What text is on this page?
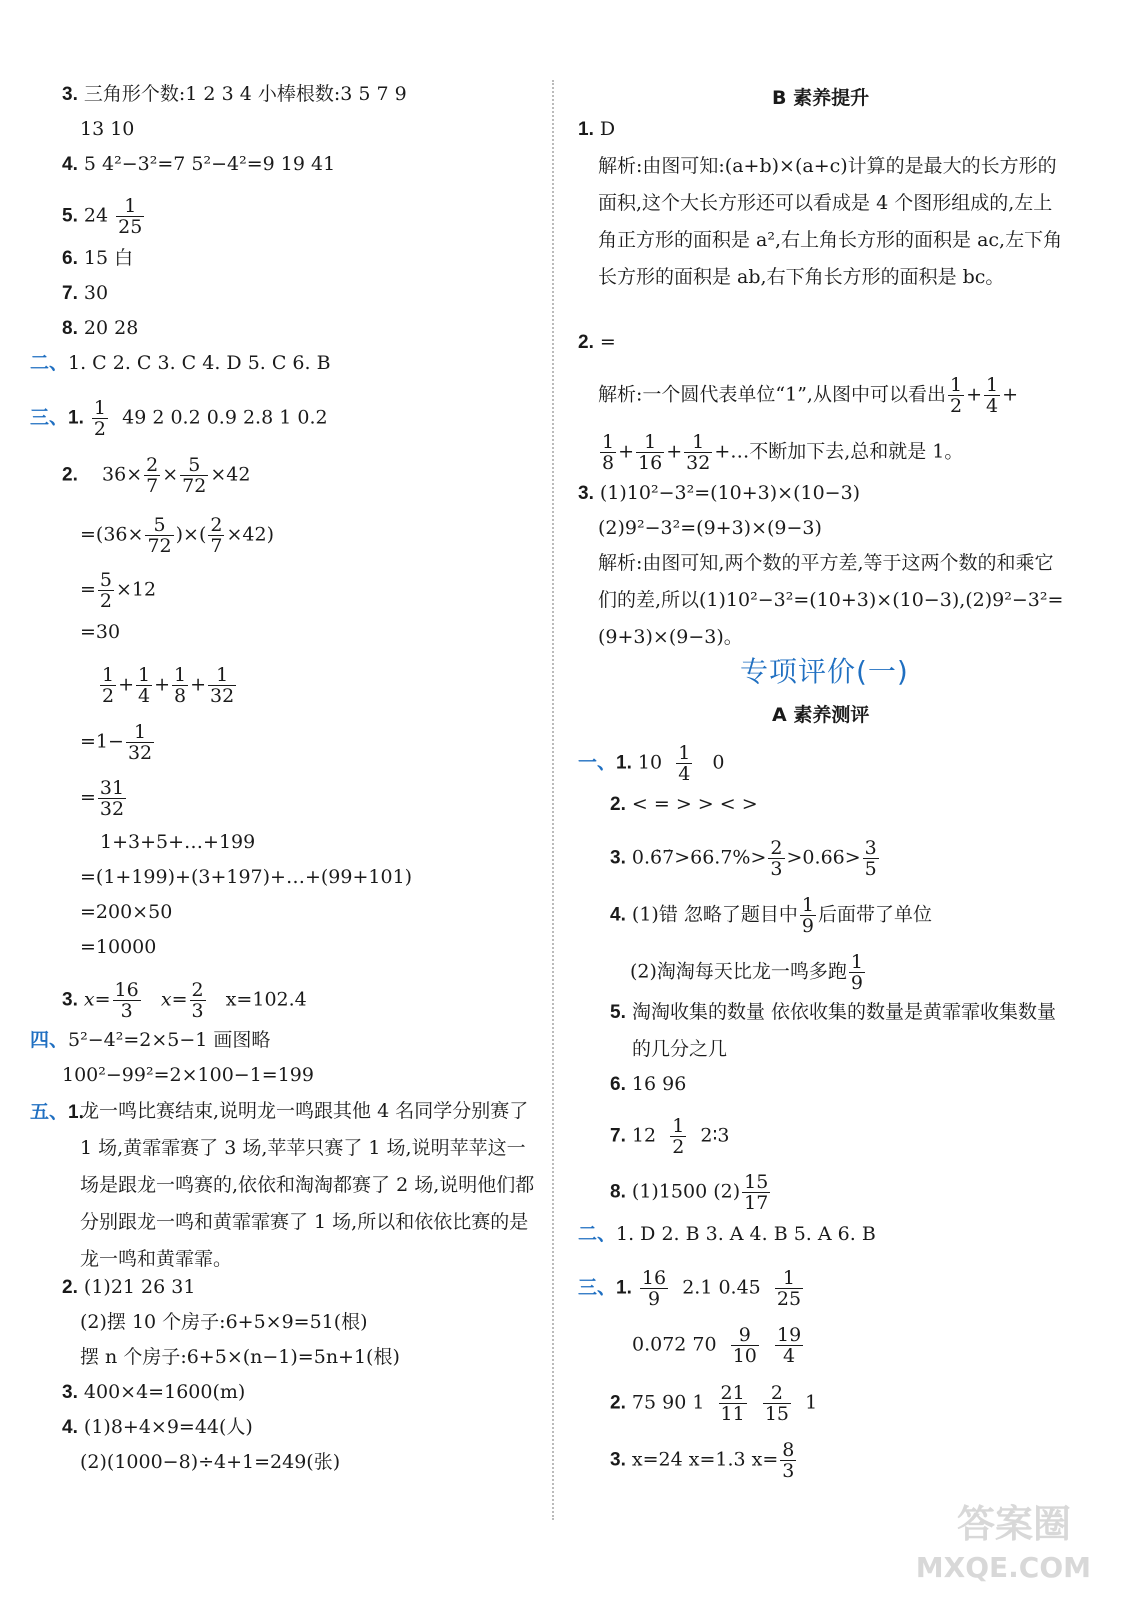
3. 三角形个数:1 2 3 4 小棒根数:3 5 7 9
13 10
4. 5 4²−3²=7 5²−4²=9 19 41
5. $24 \frac{1}{25}$
6. 15 白
7. 30
8. 20 28
二、1. C 2. C 3. C 4. D 5. C 6. B
三、1. $\frac{1}{2} 49$ 2 0.2 0.9 2.8 1 0.2
2. $36\times \frac{2}{7} \times \frac{5}{72} \times 42$
$=(36\times \frac{5}{72}$ )×( $\frac{2}{7} \times 42$)
= $\frac{5}{2} \times 12$
=30
$\frac{1}{2} + \frac{1}{4} + \frac{1}{8} + \frac{1}{32}$
$=1- \frac{1}{32}$
= $\frac{31}{32}$
1+3+5+…+199
=(1+199)+(3+197)+…+(99+101)
=200×50
=10000
3. $x= \frac{16}{3} x= \frac{2}{3} x=102.4$
四、5²−4²=2×5−1 画图略
100²−99²=2×100−1=199
五、1.
龙一鸣比赛结束,说明龙一鸣跟其他 4 名同学分别赛了 1 场,黄霏霏赛了 3 场,苹苹只赛了 1 场,说明苹苹这一场是跟龙一鸣赛的,依依和淘淘都赛了 2 场,说明他们都分别跟龙一鸣和黄霏霏赛了 1 场,所以和依依比赛的是龙一鸣和黄霏霏。
2. (1)21 26 31
(2)摆 10 个房子:6+5×9=51(根)
摆 n 个房子:6+5×(n−1)=5n+1(根)
3. 400×4=1600(m)
4. (1)8+4×9=44(人)
(2)(1000−8)÷4+1=249(张)
B 素养提升
1. D
解析:由图可知:(a+b)×(a+c)计算的是最大的长方形的面积,这个大长方形还可以看成是 4 个图形组成的,左上角正方形的面积是 a²,右上角长方形的面积是 ac,左下角长方形的面积是 ab,右下角长方形的面积是 bc。
2. =
解析:一个圆代表单位“1”,从图中可以看出 $\frac{1}{2} + \frac{1}{4}$ +
$\frac{1}{8} + \frac{1}{16} + \frac{1}{32}$ +…不断加下去,总和就是 1。
3. (1)10²−3²=(10+3)×(10−3)
(2)9²−3²=(9+3)×(9−3)
解析:由图可知,两个数的平方差,等于这两个数的和乘它们的差,所以(1)10²−3²=(10+3)×(10−3),(2)9²−3²=(9+3)×(9−3)。
专项评价(一)
A 素养测评
一、1. $10 \frac{1}{4} 0$
2. < = > > < >
3. 0.6̇7̇>66.7%> $\frac{2}{3} >0.66> \frac{3}{5}$
4. (1)错 忽略了题目中 $\frac{1}{9}$ 后面带了单位
(2)淘淘每天比龙一鸣多跑 $\frac{1}{9}$
5. 淘淘收集的数量 依依收集的数量是黄霏霏收集数量的几分之几
6. 16 96
7. $12 \frac{1}{2}$ 2∶3
8. (1)1500 $(2) \frac{15}{17}$
二、1. D 2. B 3. A 4. B 5. A 6. B
三、1. $\frac{16}{9} 2.1$ $0.45 \frac{1}{25}$
0.072 $70 \frac{9}{10}$
$\frac{19}{4}$
2. 75 90 $1 \frac{21}{11}$
$\frac{2}{15} 1$
3. x=24 x=1.3 $x= \frac{8}{3}$
答案圈
MXQE.COM
